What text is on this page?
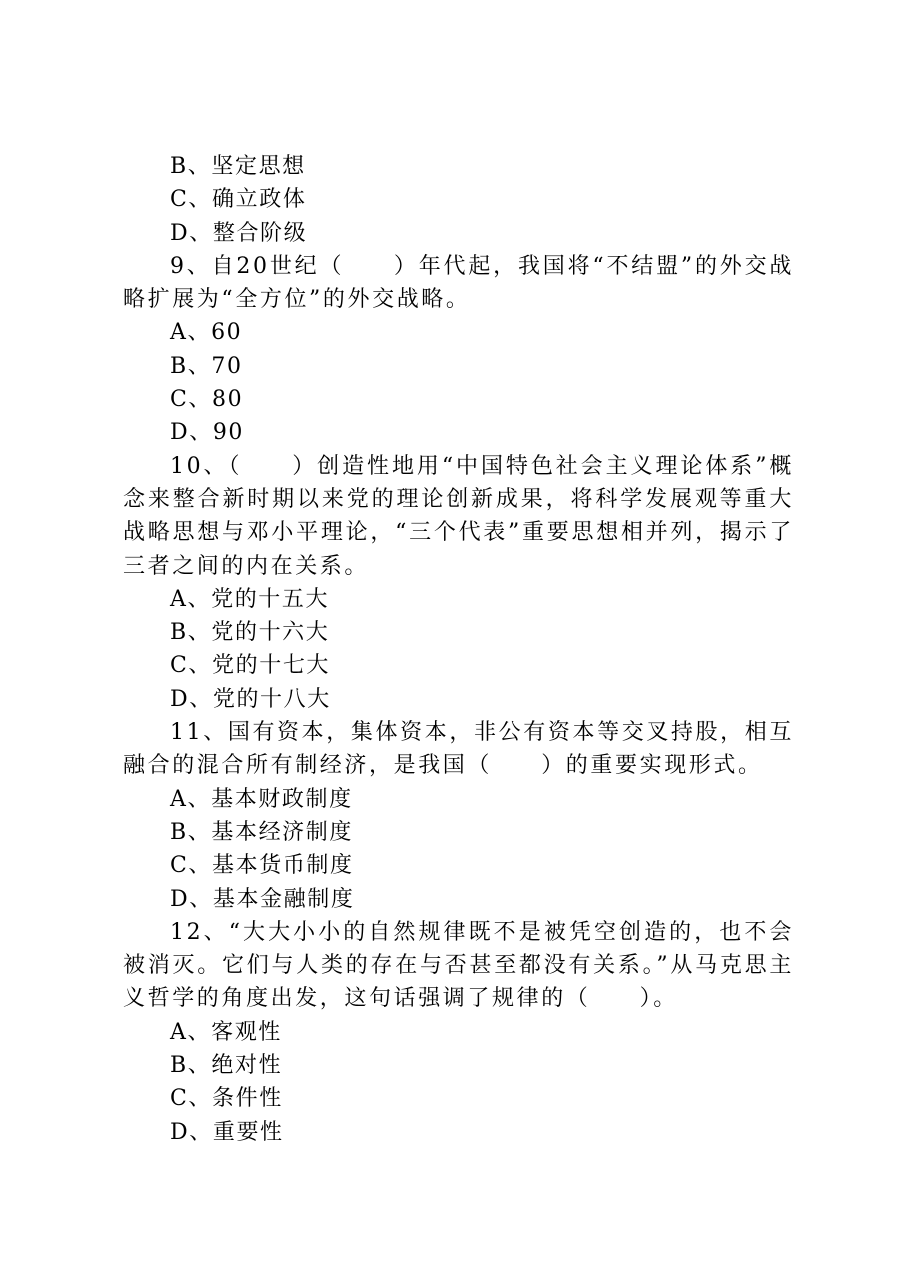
B、坚定思想
C、确立政体
D、整合阶级
9、自20世纪（　　）年代起，我国将“不结盟”的外交战略扩展为“全方位”的外交战略。
A、60
B、70
C、80
D、90
10、（　　）创造性地用“中国特色社会主义理论体系”概念来整合新时期以来党的理论创新成果，将科学发展观等重大战略思想与邓小平理论，“三个代表”重要思想相并列，揭示了三者之间的内在关系。
A、党的十五大
B、党的十六大
C、党的十七大
D、党的十八大
11、国有资本，集体资本，非公有资本等交叉持股，相互融合的混合所有制经济，是我国（　　）的重要实现形式。
A、基本财政制度
B、基本经济制度
C、基本货币制度
D、基本金融制度
12、“大大小小的自然规律既不是被凭空创造的，也不会被消灭。它们与人类的存在与否甚至都没有关系。”从马克思主义哲学的角度出发，这句话强调了规律的（　　）。
A、客观性
B、绝对性
C、条件性
D、重要性
